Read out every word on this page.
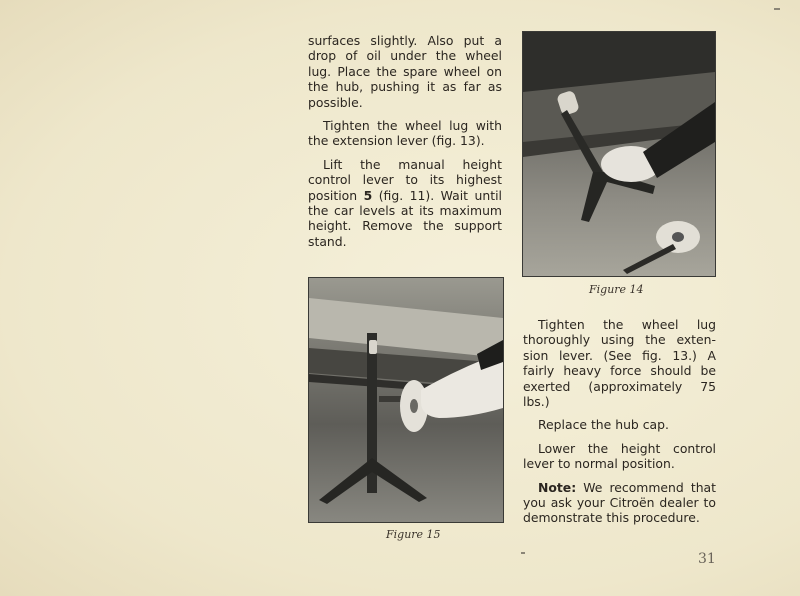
surfaces slightly. Also put a drop of oil under the wheel lug. Place the spare wheel on the hub, pushing it as far as possible.

Tighten the wheel lug with the extension lever (fig. 13).

Lift the manual height control lever to its highest position 5 (fig. 11). Wait until the car levels at its maximum height. Remove the support stand.

Figure 14
Figure 15

Tighten the wheel lug thoroughly using the exten-sion lever. (See fig. 13.) A fairly heavy force should be exerted (approximately 75 lbs.)

Replace the hub cap.

Lower the height control lever to normal position.

Note: We recommend that you ask your Citroën dealer to demonstrate this procedure.

31
